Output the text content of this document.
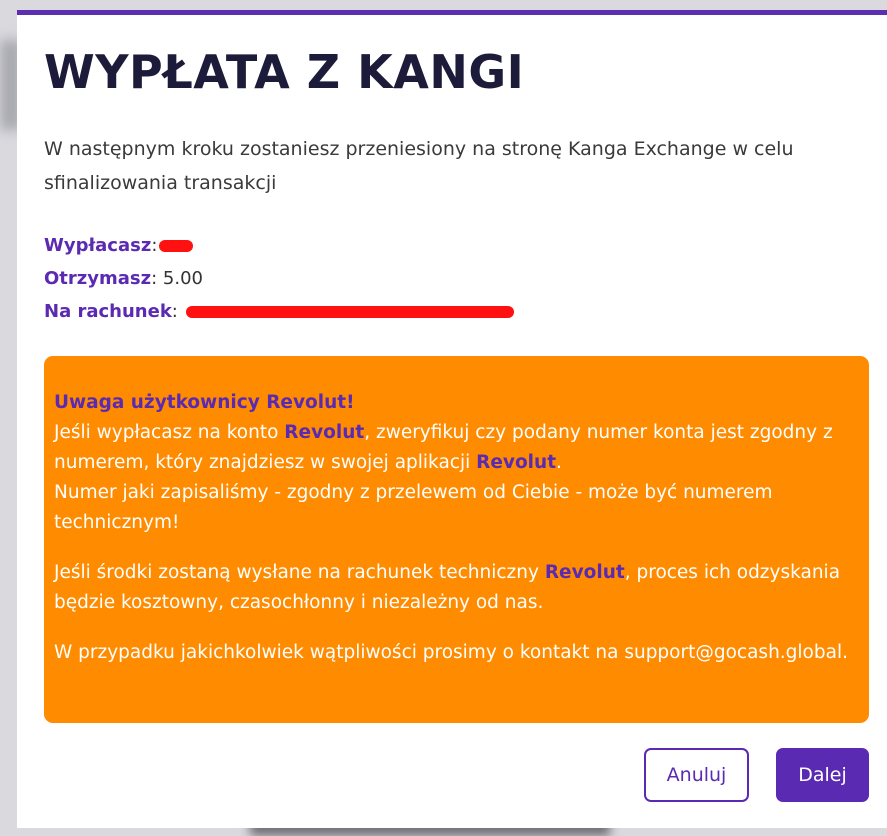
WYPŁATA Z KANGI

W następnym kroku zostaniesz przeniesiony na stronę Kanga Exchange w celu sfinalizowania transakcji

Wypłacasz:
Otrzymasz: 5.00
Na rachunek:

Uwaga użytkownicy Revolut!
Jeśli wypłacasz na konto Revolut, zweryfikuj czy podany numer konta jest zgodny z numerem, który znajdziesz w swojej aplikacji Revolut.
Numer jaki zapisaliśmy - zgodny z przelewem od Ciebie - może być numerem technicznym!

Jeśli środki zostaną wysłane na rachunek techniczny Revolut, proces ich odzyskania będzie kosztowny, czasochłonny i niezależny od nas.

W przypadku jakichkolwiek wątpliwości prosimy o kontakt na support@gocash.global.

Anuluj	Dalej
